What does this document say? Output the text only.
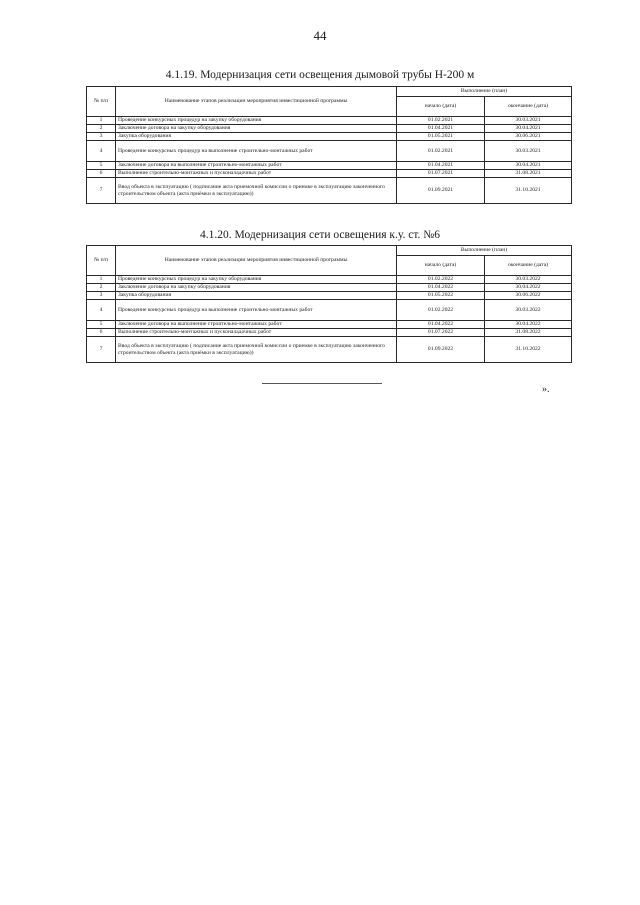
44
4.1.19. Модернизация сети освещения дымовой трубы Н-200 м
№ п/п	Наименование этапов реализации мероприятия инвестиционной программы	Выполнение (план)	
		начало (дата)	окончание (дата)
1	Проведение конкурсных процедур на закупку оборудования	01.02.2021	30.03.2021
2	Заключение договора на закупку оборудования	01.04.2021	30.04.2021
3	Закупка оборудования	01.05.2021	30.06.2021
4	Проведение конкурсных процедур на выполнение строительно-монтажных работ	01.02.2021	30.03.2021
5	Заключение договора на выполнение строительно-монтажных работ	01.04.2021	30.04.2021
6	Выполнение строительно-монтажных и пусконаладочных работ	01.07.2021	31.08.2021
7	Ввод объекта в эксплуатацию ( подписание акта приемочной комиссии о приемке в эксплуатацию законченного строительством объекта (акта приёмки в эксплуатацию))	01.09.2021	31.10.2021
4.1.20. Модернизация сети освещения к.у. ст. №6
№ п/п	Наименование этапов реализации мероприятия инвестиционной программы	Выполнение (план)	
		начало (дата)	окончание (дата)
1	Проведение конкурсных процедур на закупку оборудования	01.02.2022	30.03.2022
2	Заключение договора на закупку оборудования	01.04.2022	30.04.2022
3	Закупка оборудования	01.05.2022	30.06.2022
4	Проведение конкурсных процедур на выполнение строительно-монтажных работ	01.02.2022	30.03.2022
5	Заключение договора на выполнение строительно-монтажных работ	01.04.2022	30.04.2022
6	Выполнение строительно-монтажных и пусконаладочных работ	01.07.2022	31.08.2022
7	Ввод объекта в эксплуатацию ( подписание акта приемочной комиссии о приемке в эксплуатацию законченного строительством объекта (акта приёмки в эксплуатацию))	01.09.2022	31.10.2022
».
